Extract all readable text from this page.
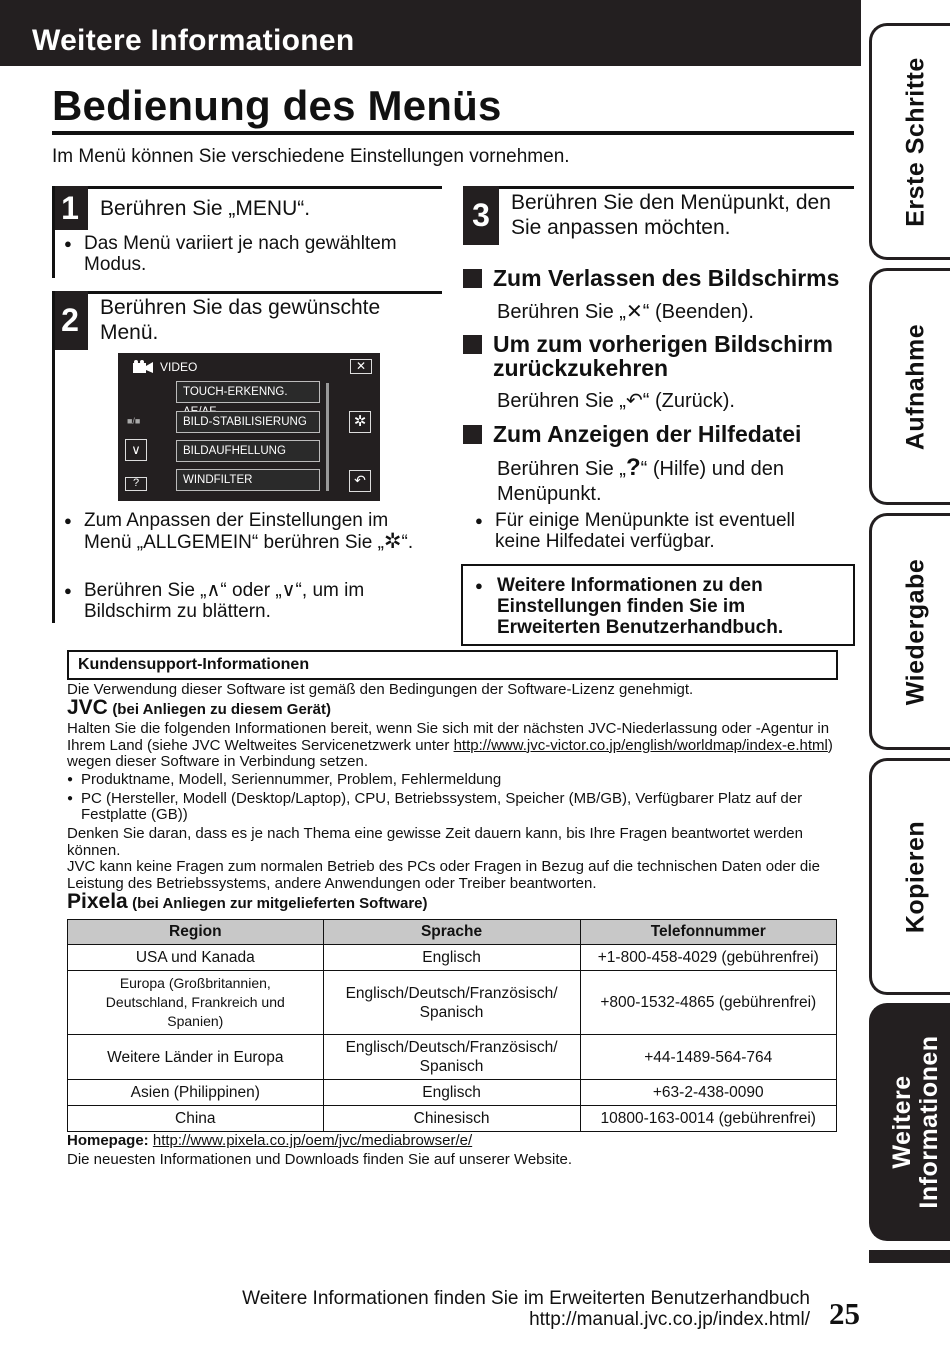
Weitere Informationen
Bedienung des Menüs
Im Menü können Sie verschiedene Einstellungen vornehmen.
1	Berühren Sie „MENU“.
● Das Menü variiert je nach gewähltem Modus.
2	Berühren Sie das gewünschte
Menü.
VIDEO	✕
TOUCH-ERKENNG.
BILD-STABILISIERUNG
BILDAUFHELLUNG
WINDFILTER
■/■
∨
?
✲
↶
● Zum Anpassen der Einstellungen im Menü „ALLGEMEIN“ berühren Sie „✲“.
● Berühren Sie „∧“ oder „∨“, um im Bildschirm zu blättern.
3	Berühren Sie den Menüpunkt, den
Sie anpassen möchten.
Zum Verlassen des Bildschirms
Berühren Sie „✕“ (Beenden).
Um zum vorherigen Bildschirm
zurückzukehren
Berühren Sie „↶“ (Zurück).
Zum Anzeigen der Hilfedatei
Berühren Sie „?“ (Hilfe) und den
Menüpunkt.
● Für einige Menüpunkte ist eventuell keine Hilfedatei verfügbar.
● Weitere Informationen zu den Einstellungen finden Sie im Erweiterten Benutzerhandbuch.
Kundensupport-Informationen
Die Verwendung dieser Software ist gemäß den Bedingungen der Software-Lizenz genehmigt.
JVC (bei Anliegen zu diesem Gerät)
Halten Sie die folgenden Informationen bereit, wenn Sie sich mit der nächsten JVC-Niederlassung oder -Agentur in Ihrem Land (siehe JVC Weltweites Servicenetzwerk unter http://www.jvc-victor.co.jp/english/worldmap/index-e.html) wegen dieser Software in Verbindung setzen.
● Produktname, Modell, Seriennummer, Problem, Fehlermeldung
● PC (Hersteller, Modell (Desktop/Laptop), CPU, Betriebssystem, Speicher (MB/GB), Verfügbarer Platz auf der Festplatte (GB))
Denken Sie daran, dass es je nach Thema eine gewisse Zeit dauern kann, bis Ihre Fragen beantwortet werden können.
JVC kann keine Fragen zum normalen Betrieb des PCs oder Fragen in Bezug auf die technischen Daten oder die Leistung des Betriebssystems, andere Anwendungen oder Treiber beantworten.
Pixela (bei Anliegen zur mitgelieferten Software)
Region	Sprache	Telefonnummer
USA und Kanada	Englisch	+1-800-458-4029 (gebührenfrei)
Europa (Großbritannien, Deutschland, Frankreich und Spanien)	Englisch/Deutsch/Französisch/ Spanisch	+800-1532-4865 (gebührenfrei)
Weitere Länder in Europa	Englisch/Deutsch/Französisch/ Spanisch	+44-1489-564-764
Asien (Philippinen)	Englisch	+63-2-438-0090
China	Chinesisch	10800-163-0014 (gebührenfrei)
Homepage: http://www.pixela.co.jp/oem/jvc/mediabrowser/e/
Die neuesten Informationen und Downloads finden Sie auf unserer Website.
Erste Schritte
Aufnahme
Wiedergabe
Kopieren
Weitere Informationen
Weitere Informationen finden Sie im Erweiterten Benutzerhandbuch
http://manual.jvc.co.jp/index.html/ 25
